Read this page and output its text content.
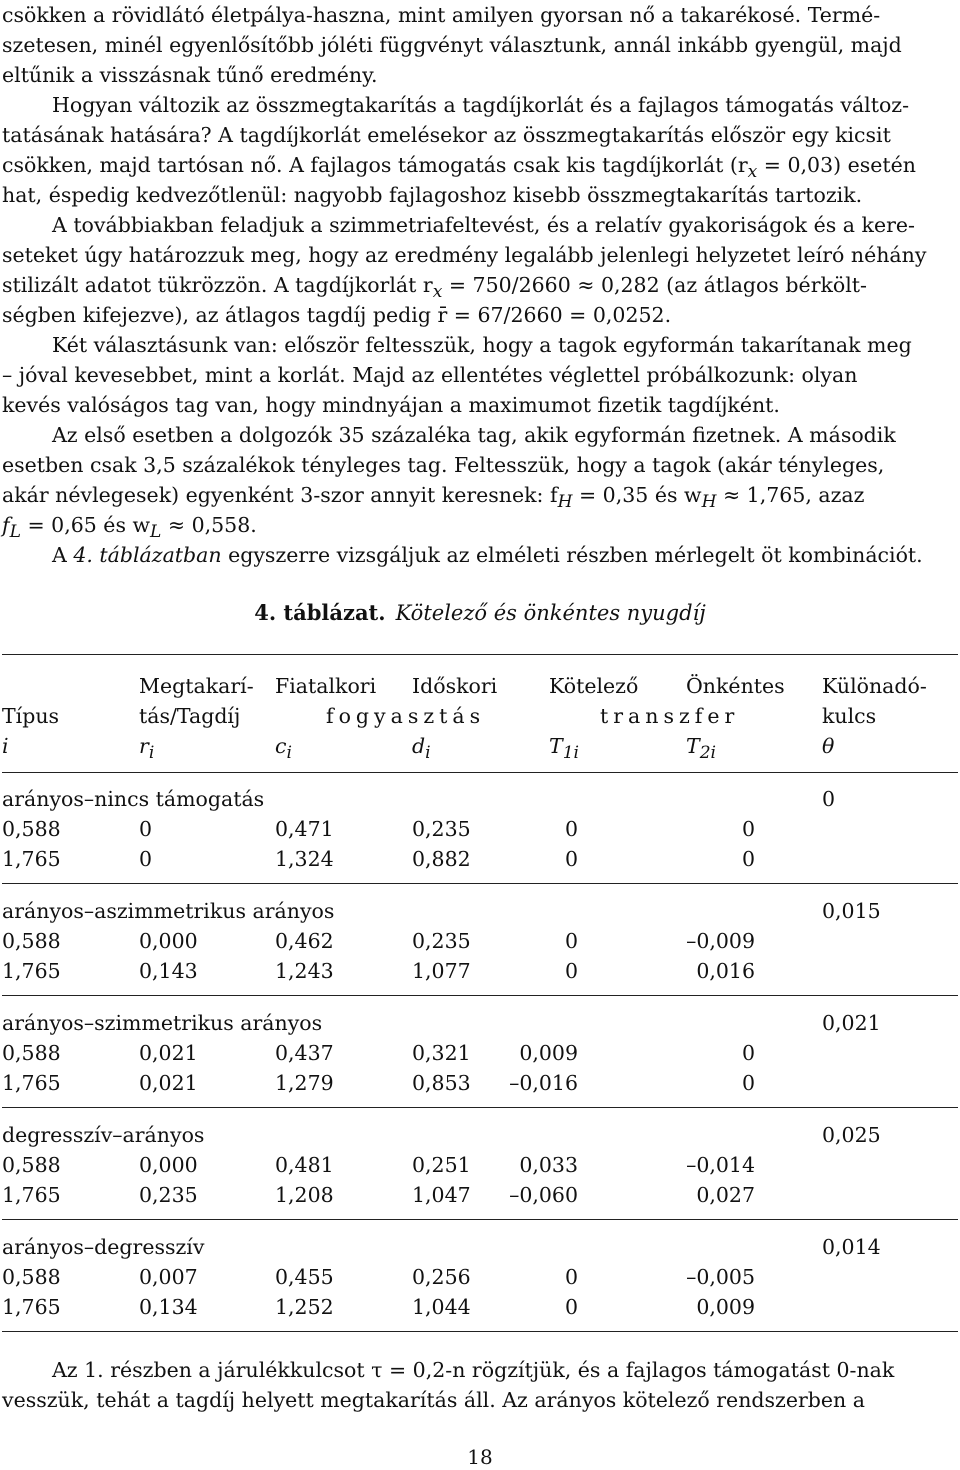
csökken a rövidlátó életpálya-haszna, mint amilyen gyorsan nő a takarékosé. Termé-
szetesen, minél egyenlősítőbb jóléti függvényt választunk, annál inkább gyengül, majd
eltűnik a visszásnak tűnő eredmény.
Hogyan változik az összmegtakarítás a tagdíjkorlát és a fajlagos támogatás változ-
tatásának hatására? A tagdíjkorlát emelésekor az összmegtakarítás először egy kicsit
csökken, majd tartósan nő. A fajlagos támogatás csak kis tagdíjkorlát $(r_x = 0,03)$ esetén
hat, éspedig kedvezőtlenül: nagyobb fajlagoshoz kisebb összmegtakarítás tartozik.
A továbbiakban feladjuk a szimmetriafeltevést, és a relatív gyakoriságok és a kere-
seteket úgy határozzuk meg, hogy az eredmény legalább jelenlegi helyzetet leíró néhány
stilizált adatot tükrözzön. A tagdíjkorlát $r_x = 750/2660 \approx 0,282$ (az átlagos bérkölt-
ségben kifejezve), az átlagos tagdíj pedig r̄ = 67/2660 = 0,0252.
Két választásunk van: először feltesszük, hogy a tagok egyformán takarítanak meg
– jóval kevesebbet, mint a korlát. Majd az ellentétes véglettel próbálkozunk: olyan
kevés valóságos tag van, hogy mindnyájan a maximumot fizetik tagdíjként.
Az első esetben a dolgozók 35 százaléka tag, akik egyformán fizetnek. A második
esetben csak 3,5 százalékok tényleges tag. Feltesszük, hogy a tagok (akár tényleges,
akár névlegesek) egyenként 3-szor annyit keresnek: $f_H = 0,35$ és $w_H \approx 1,765$, azaz
$f_L = 0,65$ és $w_L \approx 0,558$.
A 4. táblázatban egyszerre vizsgáljuk az elméleti részben mérlegelt öt kombinációt.
4. táblázat. Kötelező és önkéntes nyugdíj
Megtakarí- Fiatalkori Időskori	Kötelező Önkéntes Különadó-
Típus	tás/Tagdíj	fogyasztás	transzfer	kulcs
i	$r_i$	$c_i$	$d_i$	$T_{1i}$	$T_{2i}$	θ
arányos–nincs támogatás	0
0,588	0	0,471	0,235	0	0
1,765	0	1,324	0,882	0	0
arányos–aszimmetrikus arányos	0,015
0,588	0,000	0,462	0,235	0	–0,009
1,765	0,143	1,243	1,077	0	0,016
arányos–szimmetrikus arányos	0,021
0,588	0,021	0,437	0,321	0,009	0
1,765	0,021	1,279	0,853	–0,016	0
degresszív–arányos	0,025
0,588	0,000	0,481	0,251	0,033	–0,014
1,765	0,235	1,208	1,047	–0,060	0,027
arányos–degresszív	0,014
0,588	0,007	0,455	0,256	0	–0,005
1,765	0,134	1,252	1,044	0	0,009
Az 1. részben a járulékkulcsot τ = 0,2-n rögzítjük, és a fajlagos támogatást 0-nak
vesszük, tehát a tagdíj helyett megtakarítás áll. Az arányos kötelező rendszerben a
18
